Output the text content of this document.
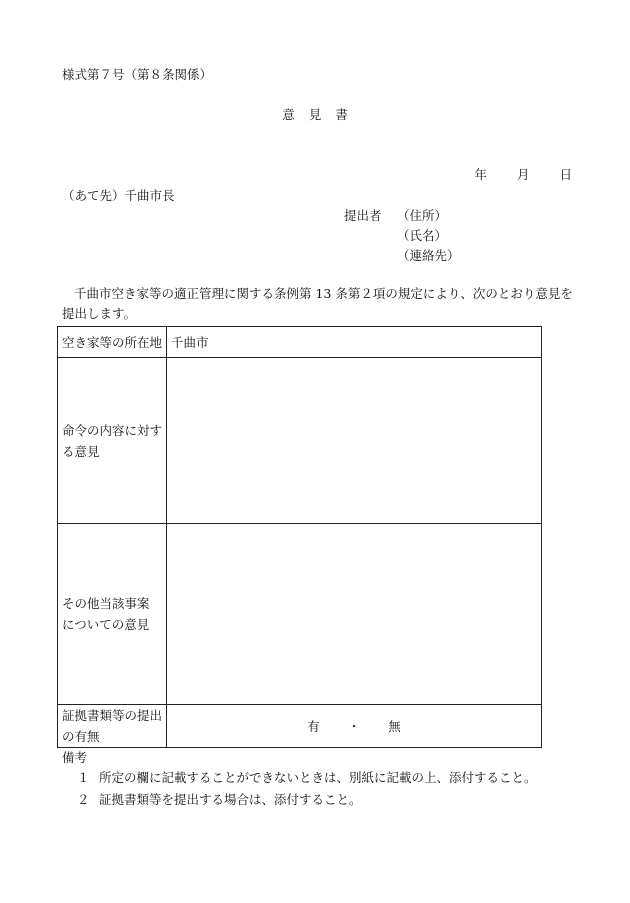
様式第７号（第８条関係）
意 見 書
年 月 日
（あて先）千曲市長
提出者 （住所）
（氏名）
（連絡先）
千曲市空き家等の適正管理に関する条例第 13 条第２項の規定により、次のとおり意見を提出します。
空き家等の所在地	千曲市
命令の内容に対する意見	
その他当該事案についての意見	
証拠書類等の提出の有無	有 ・ 無
備考
１ 所定の欄に記載することができないときは、別紙に記載の上、添付すること。
２ 証拠書類等を提出する場合は、添付すること。
